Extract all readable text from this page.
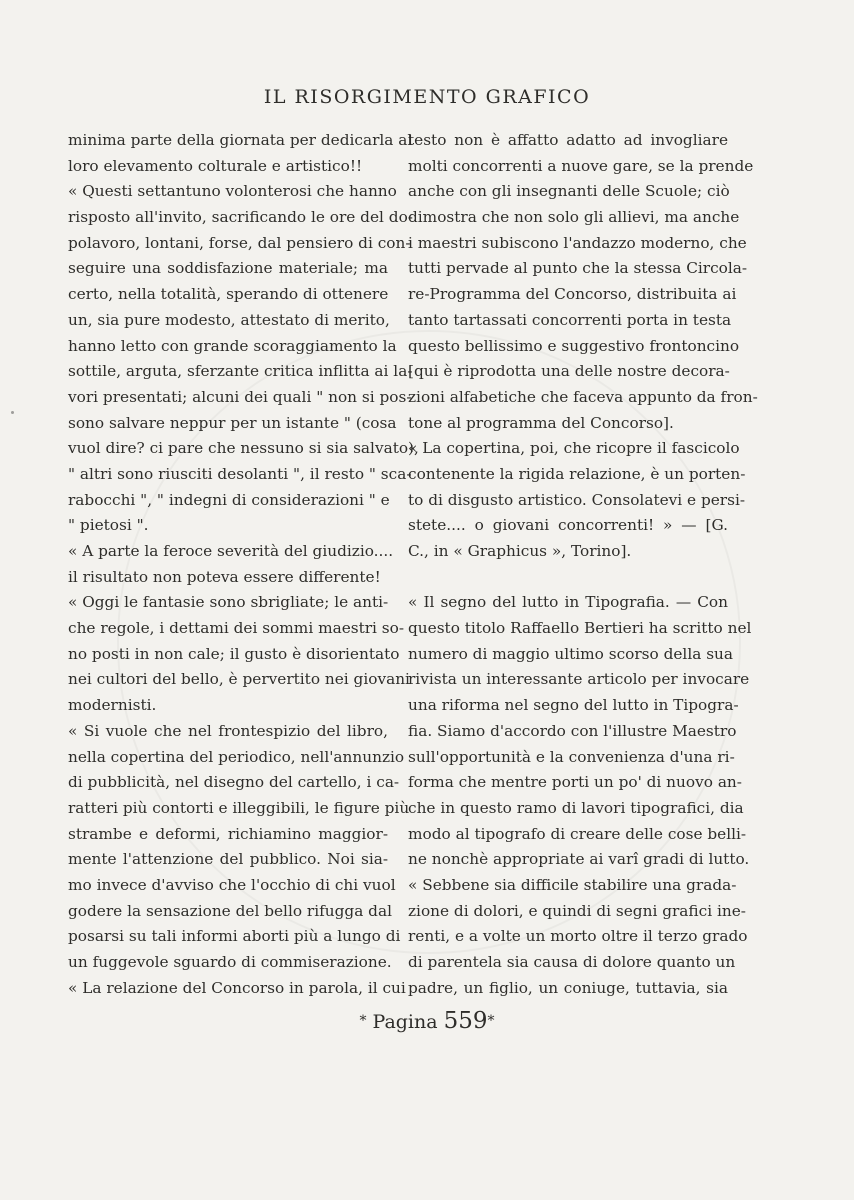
IL RISORGIMENTO GRAFICO
minima parte della giornata per dedicarla al
loro elevamento colturale e artistico!!
« Questi settantuno volonterosi che hanno
risposto all'invito, sacrificando le ore del do-
polavoro, lontani, forse, dal pensiero di con-
seguire una soddisfazione materiale; ma
certo, nella totalità, sperando di ottenere
un, sia pure modesto, attestato di merito,
hanno letto con grande scoraggiamento la
sottile, arguta, sferzante critica inflitta ai la-
vori presentati; alcuni dei quali " non si pos-
sono salvare neppur per un istante " (cosa
vuol dire? ci pare che nessuno si sia salvato),
" altri sono riusciti desolanti ", il resto " sca-
rabocchi ", " indegni di considerazioni " e
" pietosi ".
« A parte la feroce severità del giudizio....
il risultato non poteva essere differente!
« Oggi le fantasie sono sbrigliate; le anti-
che regole, i dettami dei sommi maestri so-
no posti in non cale; il gusto è disorientato
nei cultori del bello, è pervertito nei giovani
modernisti.
« Si vuole che nel frontespizio del libro,
nella copertina del periodico, nell'annunzio
di pubblicità, nel disegno del cartello, i ca-
ratteri più contorti e illeggibili, le figure più
strambe e deformi, richiamino maggior-
mente l'attenzione del pubblico. Noi sia-
mo invece d'avviso che l'occhio di chi vuol
godere la sensazione del bello rifugga dal
posarsi su tali informi aborti più a lungo di
un fuggevole sguardo di commiserazione.
« La relazione del Concorso in parola, il cui
testo non è affatto adatto ad invogliare
molti concorrenti a nuove gare, se la prende
anche con gli insegnanti delle Scuole; ciò
dimostra che non solo gli allievi, ma anche
i maestri subiscono l'andazzo moderno, che
tutti pervade al punto che la stessa Circola-
re-Programma del Concorso, distribuita ai
tanto tartassati concorrenti porta in testa
questo bellissimo e suggestivo frontoncino
[qui è riprodotta una delle nostre decora-
zioni alfabetiche che faceva appunto da fron-
tone al programma del Concorso].
« La copertina, poi, che ricopre il fascicolo
contenente la rigida relazione, è un porten-
to di disgusto artistico. Consolatevi e persi-
stete.... o giovani concorrenti! » — [G.
C., in « Graphicus », Torino].
« Il segno del lutto in Tipografia. — Con
questo titolo Raffaello Bertieri ha scritto nel
numero di maggio ultimo scorso della sua
rivista un interessante articolo per invocare
una riforma nel segno del lutto in Tipogra-
fia. Siamo d'accordo con l'illustre Maestro
sull'opportunità e la convenienza d'una ri-
forma che mentre porti un po' di nuovo an-
che in questo ramo di lavori tipografici, dia
modo al tipografo di creare delle cose belli-
ne nonchè appropriate ai varî gradi di lutto.
« Sebbene sia difficile stabilire una grada-
zione di dolori, e quindi di segni grafici ine-
renti, e a volte un morto oltre il terzo grado
di parentela sia causa di dolore quanto un
padre, un figlio, un coniuge, tuttavia, sia
* Pagina 559*
